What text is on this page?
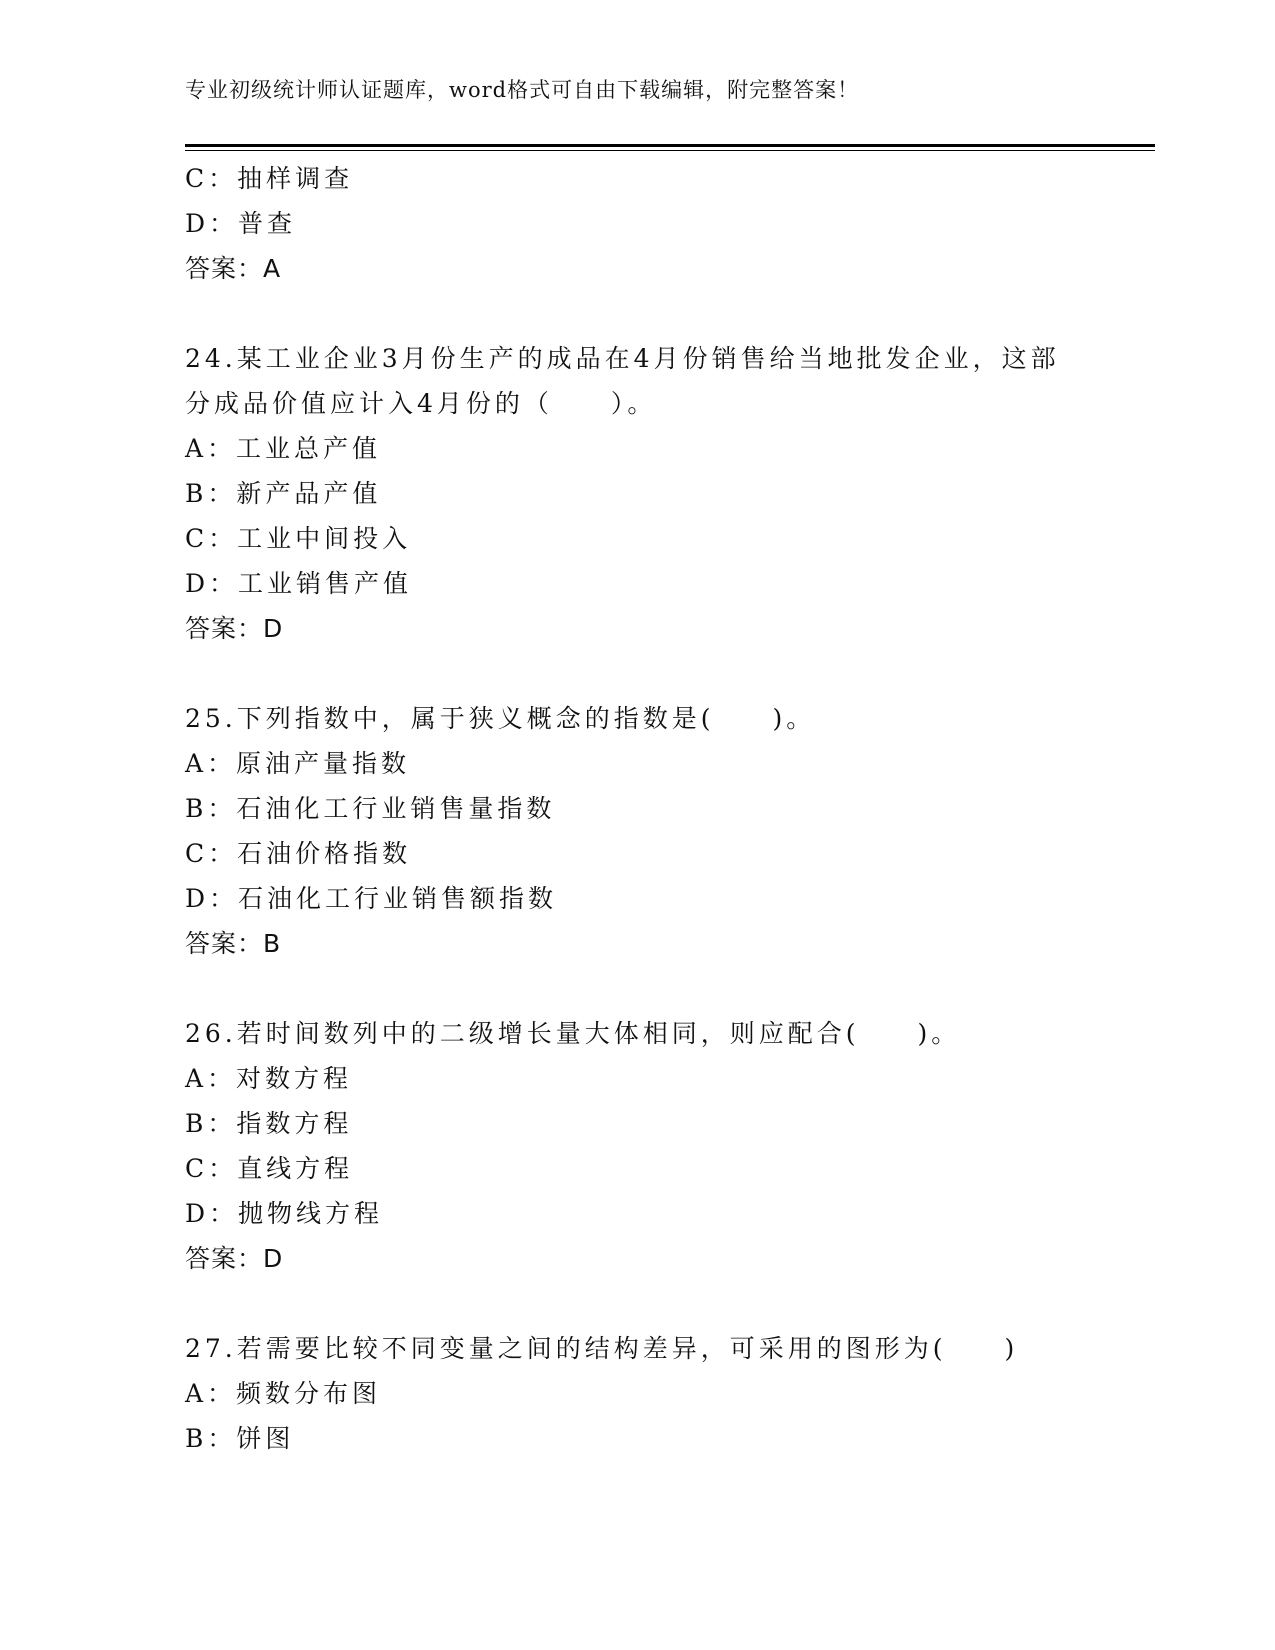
专业初级统计师认证题库，word格式可自由下载编辑，附完整答案！
C：抽样调查
D：普查
答案：A
24.某工业企业3月份生产的成品在4月份销售给当地批发企业，这部
分成品价值应计入4月份的（　　）。
A：工业总产值
B：新产品产值
C：工业中间投入
D：工业销售产值
答案：D
25.下列指数中，属于狭义概念的指数是(　　)。
A：原油产量指数
B：石油化工行业销售量指数
C：石油价格指数
D：石油化工行业销售额指数
答案：B
26.若时间数列中的二级增长量大体相同，则应配合(　　)。
A：对数方程
B：指数方程
C：直线方程
D：抛物线方程
答案：D
27.若需要比较不同变量之间的结构差异，可采用的图形为(　　)
A：频数分布图
B：饼图
